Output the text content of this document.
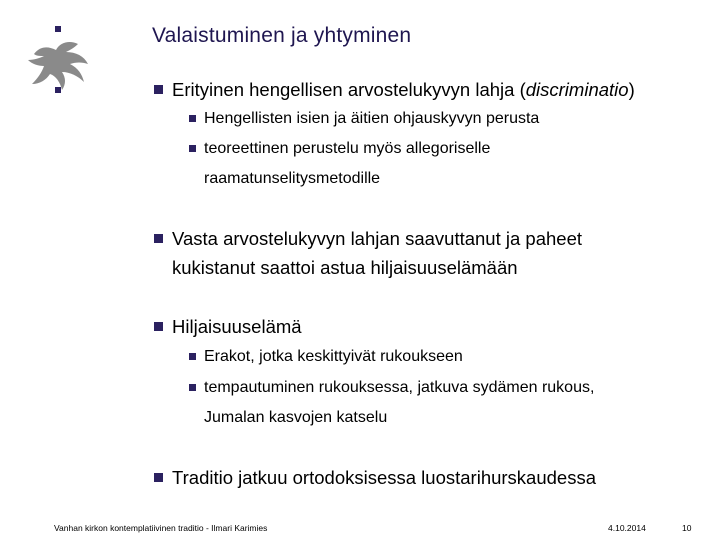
Valaistuminen ja yhtyminen
Erityinen hengellisen arvostelukyvyn lahja (discriminatio)
Hengellisten isien ja äitien ohjauskyvyn perusta
teoreettinen perustelu myös allegoriselle
raamatunselitysmetodille
Vasta arvostelukyvyn lahjan saavuttanut ja paheet
kukistanut saattoi astua hiljaisuuselämään
Hiljaisuuselämä
Erakot, jotka keskittyivät rukoukseen
tempautuminen rukouksessa, jatkuva sydämen rukous,
Jumalan kasvojen katselu
Traditio jatkuu ortodoksisessa luostarihurskaudessa
Vanhan kirkon kontemplatiivinen traditio - Ilmari Karimies	4.10.2014	10
